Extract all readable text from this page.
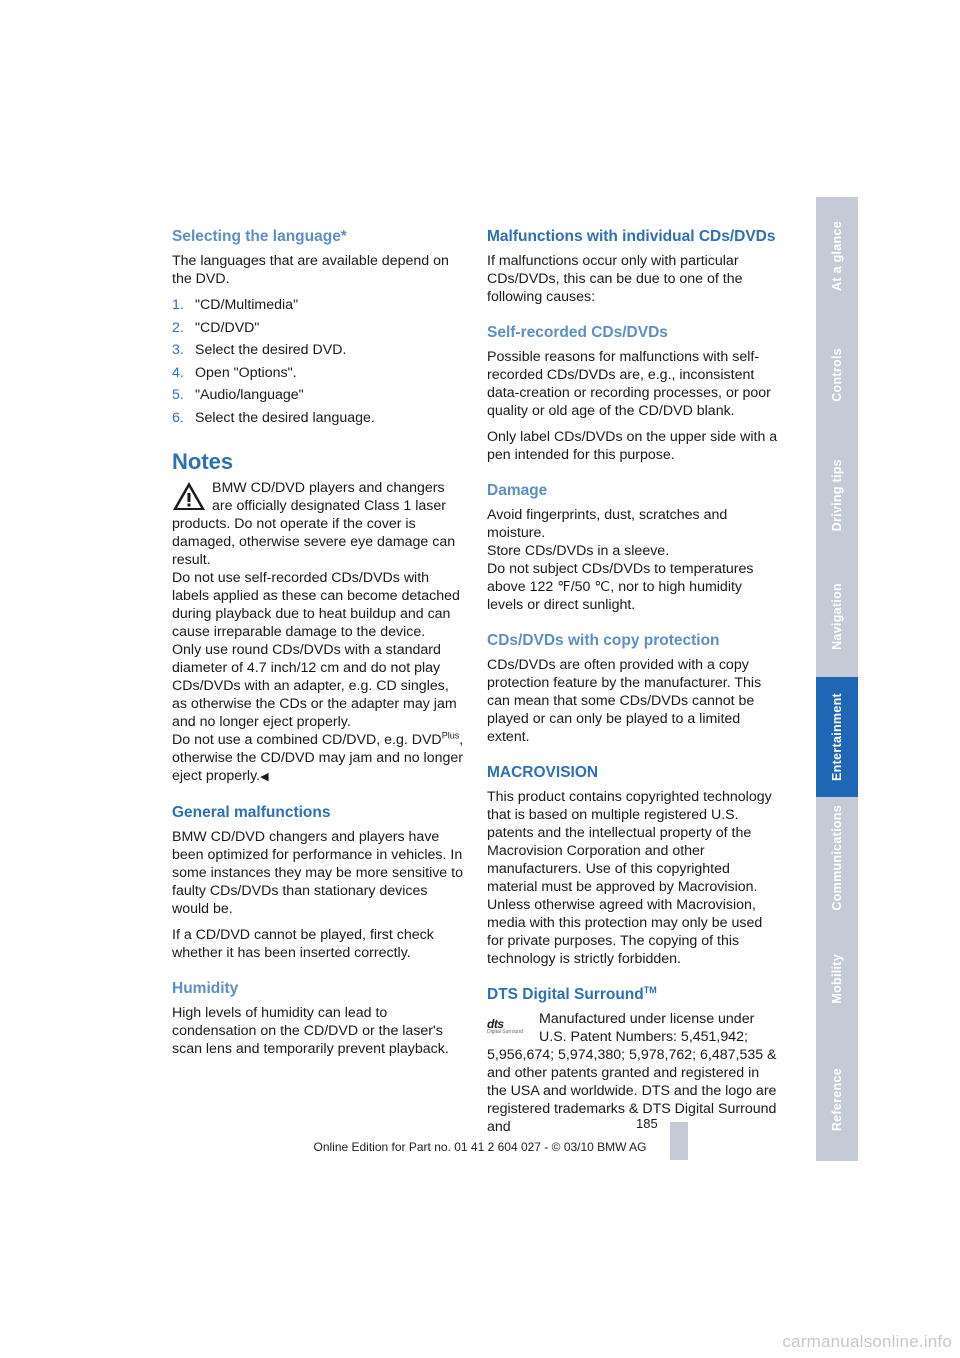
Selecting the language*

The languages that are available depend on the DVD.

1. "CD/Multimedia"
2. "CD/DVD"
3. Select the desired DVD.
4. Open "Options".
5. "Audio/language"
6. Select the desired language.
Notes

BMW CD/DVD players and changers are officially designated Class 1 laser products. Do not operate if the cover is damaged, otherwise severe eye damage can result.

Do not use self-recorded CDs/DVDs with labels applied as these can become detached during playback due to heat buildup and can cause irreparable damage to the device.

Only use round CDs/DVDs with a standard diameter of 4.7 inch/12 cm and do not play CDs/DVDs with an adapter, e.g. CD singles, as otherwise the CDs or the adapter may jam and no longer eject properly.

Do not use a combined CD/DVD, e.g. $DVD^{Plus}$, otherwise the CD/DVD may jam and no longer eject properly.◀

General malfunctions

BMW CD/DVD changers and players have been optimized for performance in vehicles. In some instances they may be more sensitive to faulty CDs/DVDs than stationary devices would be.

If a CD/DVD cannot be played, first check whether it has been inserted correctly.

Humidity

High levels of humidity can lead to condensation on the CD/DVD or the laser's scan lens and temporarily prevent playback.

Malfunctions with individual CDs/DVDs

If malfunctions occur only with particular CDs/DVDs, this can be due to one of the following causes:

Self-recorded CDs/DVDs

Possible reasons for malfunctions with self-recorded CDs/DVDs are, e.g., inconsistent data-creation or recording processes, or poor quality or old age of the CD/DVD blank.

Only label CDs/DVDs on the upper side with a pen intended for this purpose.

Damage

Avoid fingerprints, dust, scratches and moisture.

Store CDs/DVDs in a sleeve.

Do not subject CDs/DVDs to temperatures above 122 ℉/50 ℃, nor to high humidity levels or direct sunlight.

CDs/DVDs with copy protection

CDs/DVDs are often provided with a copy protection feature by the manufacturer. This can mean that some CDs/DVDs cannot be played or can only be played to a limited extent.

MACROVISION

This product contains copyrighted technology that is based on multiple registered U.S. patents and the intellectual property of the Macrovision Corporation and other manufacturers. Use of this copyrighted material must be approved by Macrovision. Unless otherwise agreed with Macrovision, media with this protection may only be used for private purposes. The copying of this technology is strictly forbidden.

DTS Digital Surround™
dts
Digital Surround

Manufactured under license under U.S. Patent Numbers: 5,451,942; 5,956,674; 5,974,380; 5,978,762; 6,487,535 & and other patents granted and registered in the USA and worldwide. DTS and the logo are registered trademarks & DTS Digital Surround and

At a glance
Controls
Driving tips
Navigation
Entertainment
Communications
Mobility
Reference
185
Online Edition for Part no. 01 41 2 604 027 - © 03/10 BMW AG
carmanualsonline.info
